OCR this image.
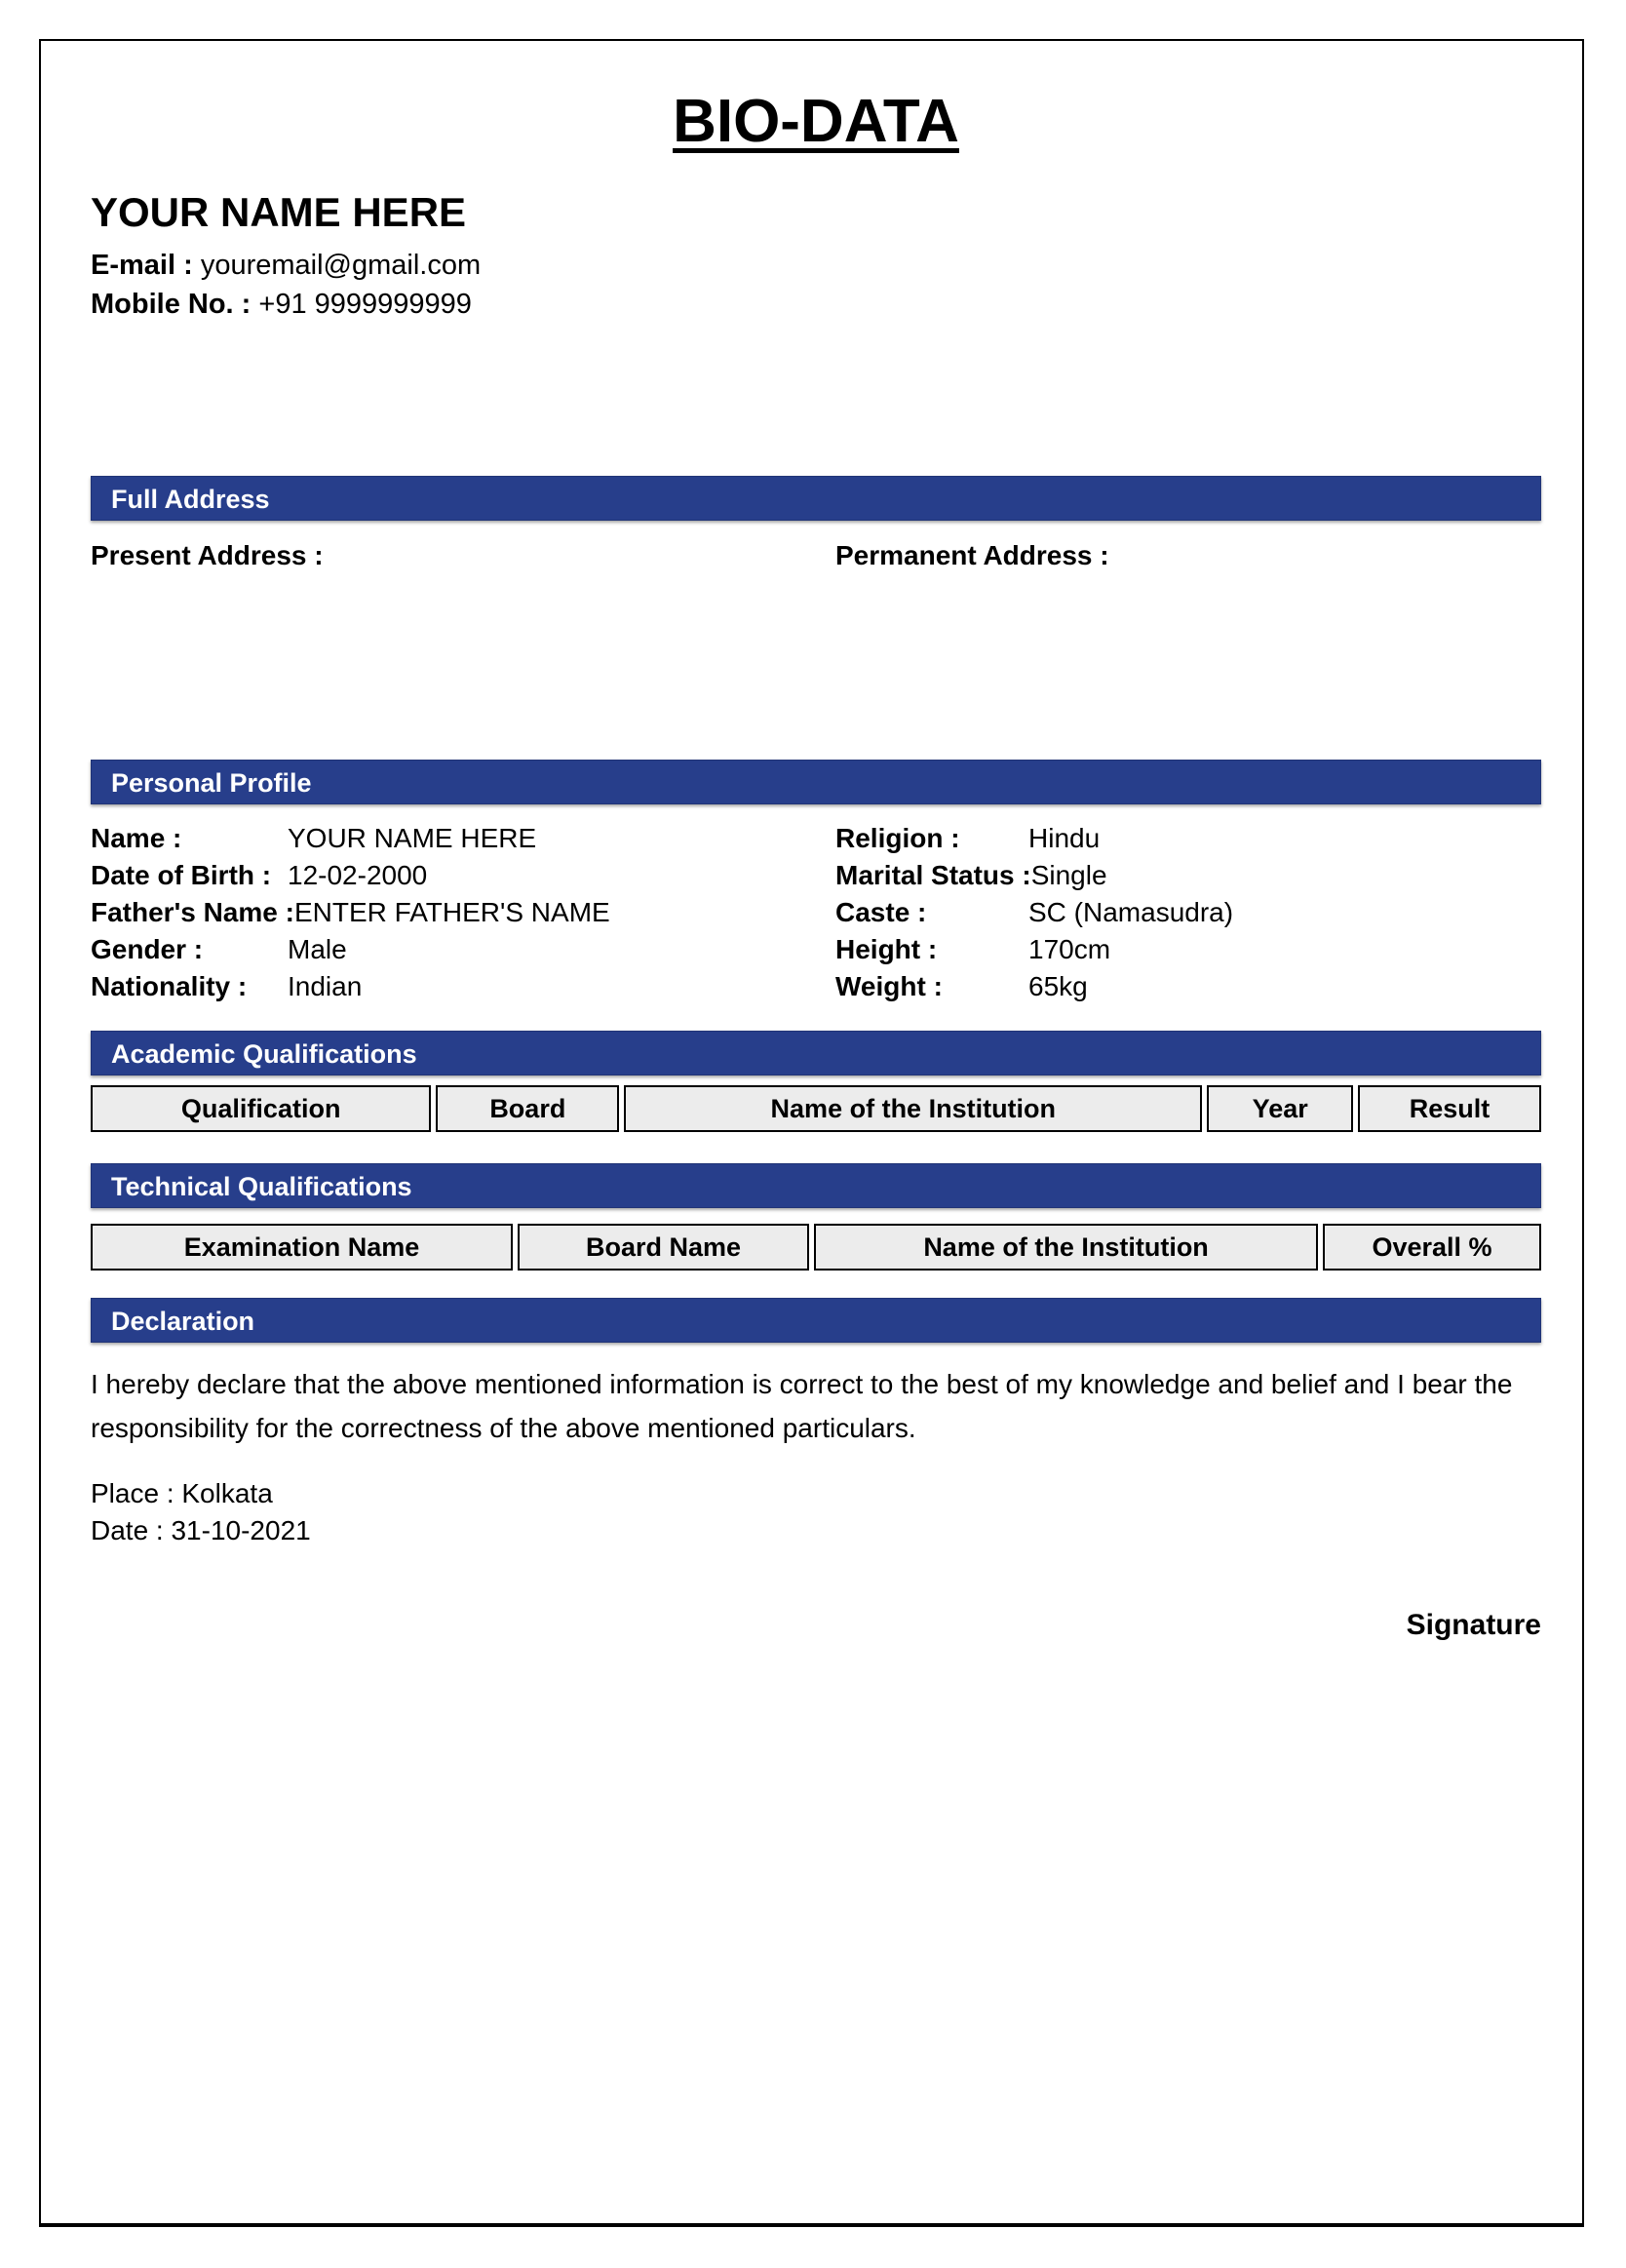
BIO-DATA
YOUR NAME HERE
E-mail : youremail@gmail.com
Mobile No. : +91 9999999999
Full Address
Present Address :	Permanent Address :
Personal Profile
Name :	YOUR NAME HERE	Religion :	Hindu
Date of Birth : 12-02-2000	Marital Status :Single
Father's Name :ENTER FATHER'S NAME	Caste :	SC (Namasudra)
Gender :	Male	Height :	170cm
Nationality : Indian	Weight :	65kg
Academic Qualifications
Qualification	Board	Name of the Institution	Year	Result
Technical Qualifications
Examination Name	Board Name	Name of the Institution	Overall %
Declaration
I hereby declare that the above mentioned information is correct to the best of my knowledge and belief and I bear the responsibility for the correctness of the above mentioned particulars.
Place : Kolkata
Date : 31-10-2021
Signature
